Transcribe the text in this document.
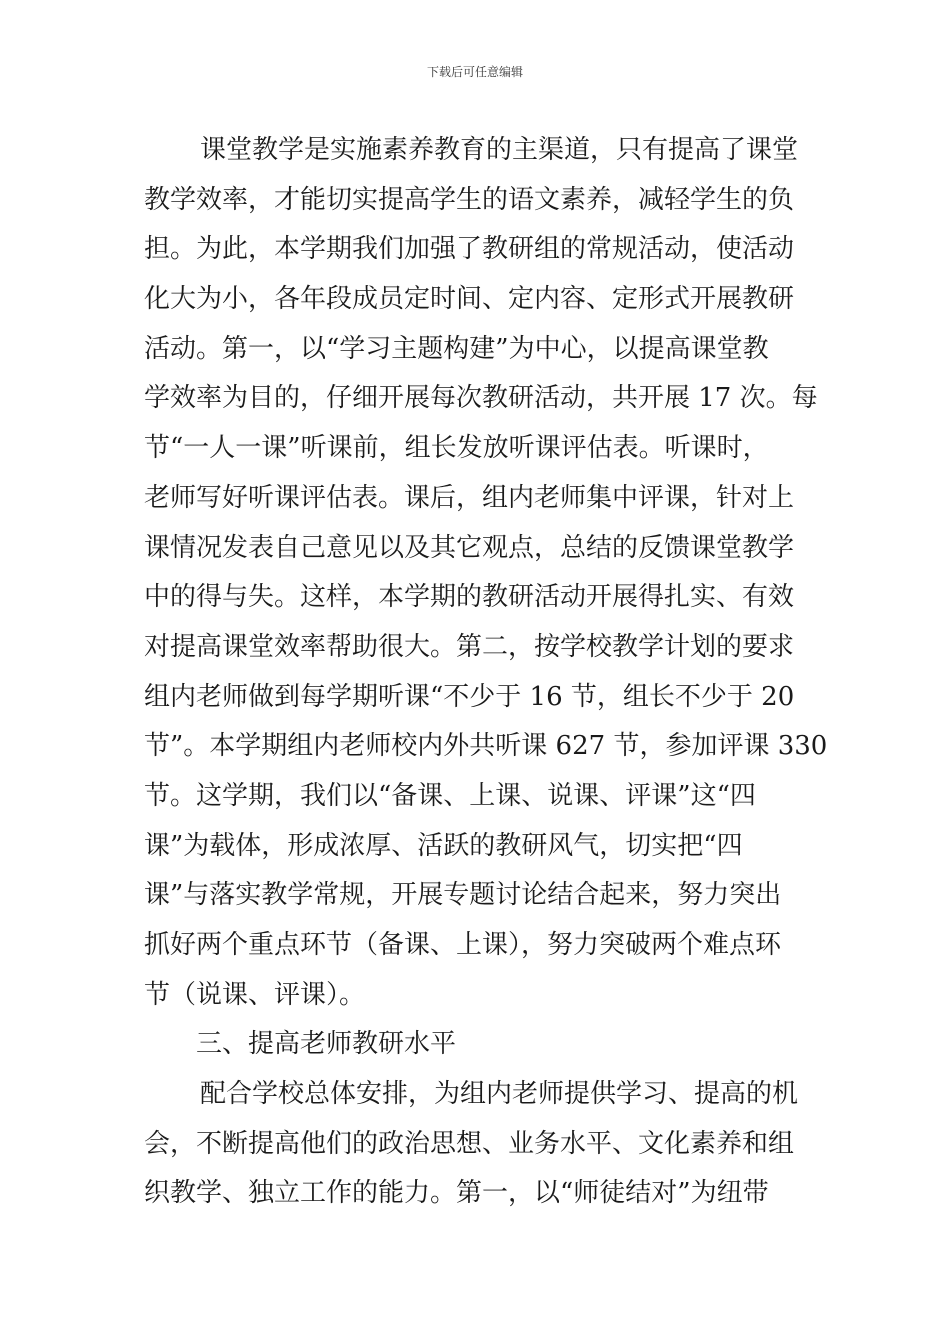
下载后可任意编辑
课堂教学是实施素养教育的主渠道，只有提高了课堂
教学效率，才能切实提高学生的语文素养，减轻学生的负
担。为此，本学期我们加强了教研组的常规活动，使活动
化大为小，各年段成员定时间、定内容、定形式开展教研
活动。第一，以“学习主题构建”为中心，以提高课堂教
学效率为目的，仔细开展每次教研活动，共开展 17 次。每
节“一人一课”听课前，组长发放听课评估表。听课时，
老师写好听课评估表。课后，组内老师集中评课，针对上
课情况发表自己意见以及其它观点，总结的反馈课堂教学
中的得与失。这样，本学期的教研活动开展得扎实、有效
对提高课堂效率帮助很大。第二，按学校教学计划的要求
组内老师做到每学期听课“不少于 16 节，组长不少于 20
节”。本学期组内老师校内外共听课 627 节，参加评课 330
节。这学期，我们以“备课、上课、说课、评课”这“四
课”为载体，形成浓厚、活跃的教研风气，切实把“四
课”与落实教学常规，开展专题讨论结合起来，努力突出
抓好两个重点环节（备课、上课），努力突破两个难点环
节（说课、评课）。
三、提高老师教研水平
配合学校总体安排，为组内老师提供学习、提高的机
会，不断提高他们的政治思想、业务水平、文化素养和组
织教学、独立工作的能力。第一，以“师徒结对”为纽带
